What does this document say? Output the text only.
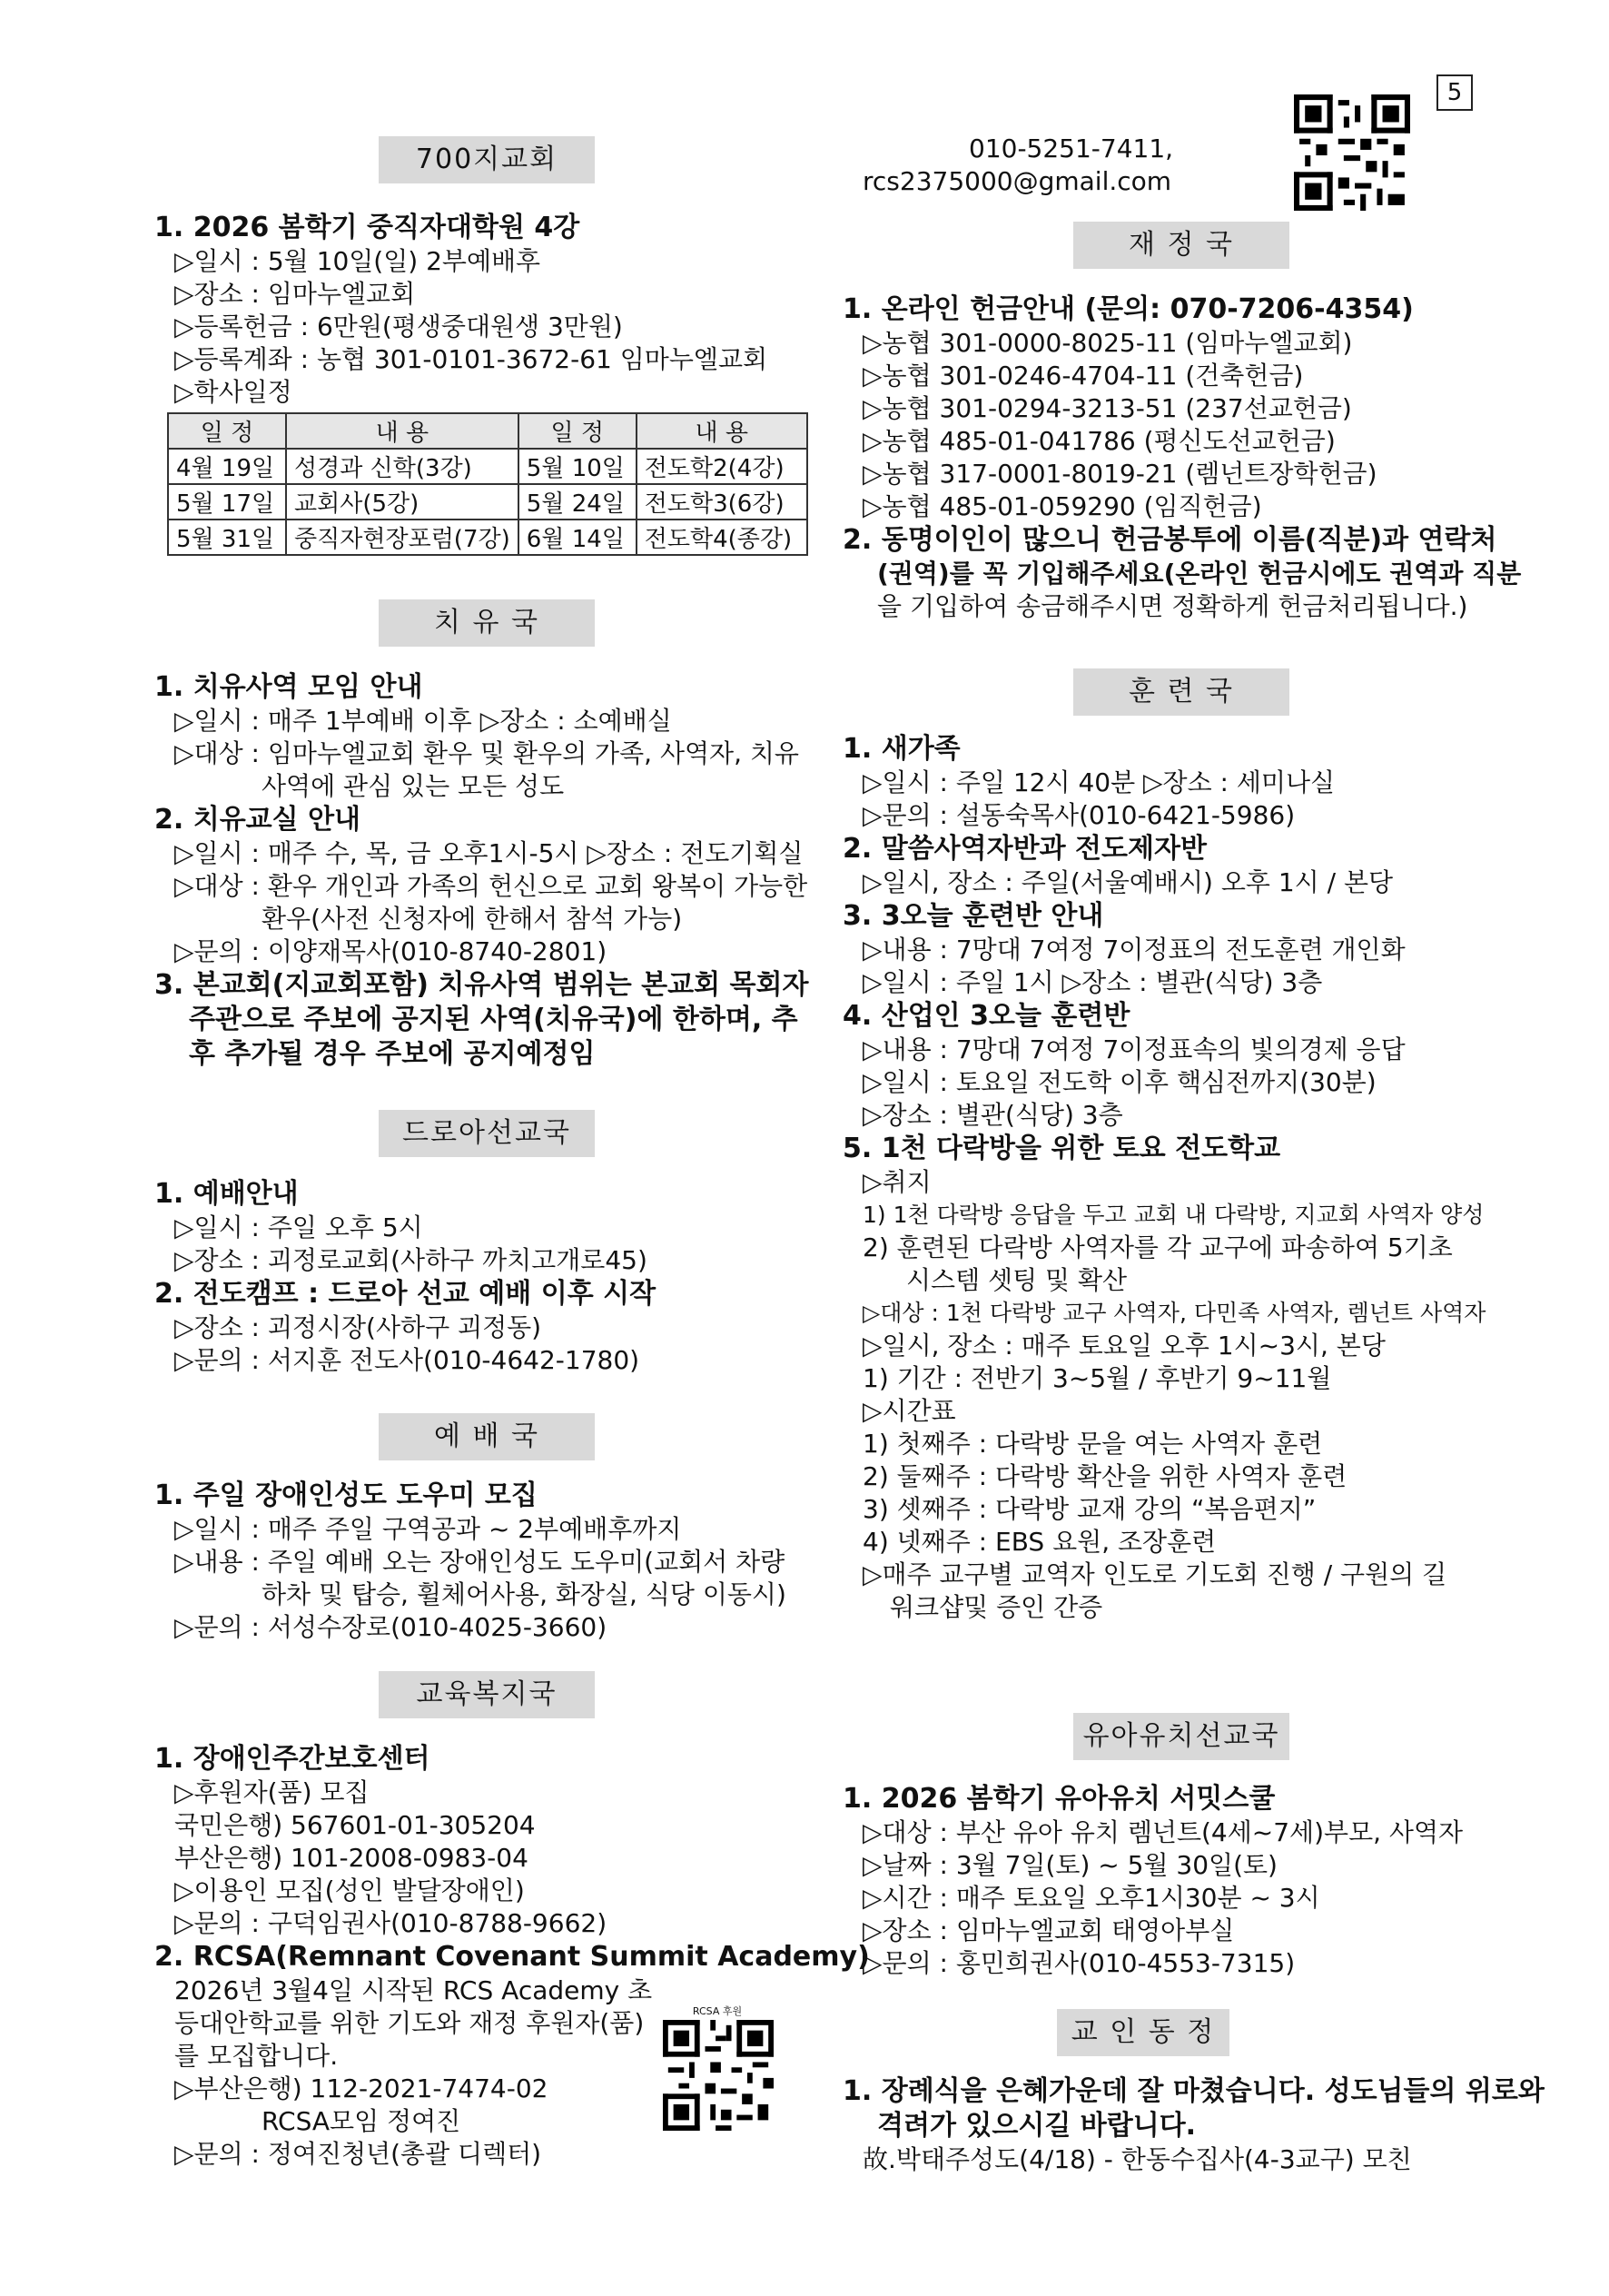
5
010-5251-7411,
rcs2375000@gmail.com
700지교회
1. 2026 봄학기 중직자대학원 4강
▷일시 : 5월 10일(일) 2부예배후
▷장소 : 임마누엘교회
▷등록헌금 : 6만원(평생중대원생 3만원)
▷등록계좌 : 농협 301-0101-3672-61 임마누엘교회
▷학사일정
일 정	내 용	일 정	내 용
4월 19일	성경과 신학(3강)	5월 10일	전도학2(4강)
5월 17일	교회사(5강)	5월 24일	전도학3(6강)
5월 31일	중직자현장포럼(7강)	6월 14일	전도학4(종강)
치 유 국
1. 치유사역 모임 안내
▷일시 : 매주 1부예배 이후 ▷장소 : 소예배실
▷대상 : 임마누엘교회 환우 및 환우의 가족, 사역자, 치유
사역에 관심 있는 모든 성도
2. 치유교실 안내
▷일시 : 매주 수, 목, 금 오후1시-5시 ▷장소 : 전도기획실
▷대상 : 환우 개인과 가족의 헌신으로 교회 왕복이 가능한
환우(사전 신청자에 한해서 참석 가능)
▷문의 : 이양재목사(010-8740-2801)
3. 본교회(지교회포함) 치유사역 범위는 본교회 목회자
주관으로 주보에 공지된 사역(치유국)에 한하며, 추
후 추가될 경우 주보에 공지예정임
드로아선교국
1. 예배안내
▷일시 : 주일 오후 5시
▷장소 : 괴정로교회(사하구 까치고개로45)
2. 전도캠프 : 드로아 선교 예배 이후 시작
▷장소 : 괴정시장(사하구 괴정동)
▷문의 : 서지훈 전도사(010-4642-1780)
예 배 국
1. 주일 장애인성도 도우미 모집
▷일시 : 매주 주일 구역공과 ~ 2부예배후까지
▷내용 : 주일 예배 오는 장애인성도 도우미(교회서 차량
하차 및 탑승, 휠체어사용, 화장실, 식당 이동시)
▷문의 : 서성수장로(010-4025-3660)
교육복지국
1. 장애인주간보호센터
▷후원자(품) 모집
국민은행) 567601-01-305204
부산은행) 101-2008-0983-04
▷이용인 모집(성인 발달장애인)
▷문의 : 구덕임권사(010-8788-9662)
2. RCSA(Remnant Covenant Summit Academy)
2026년 3월4일 시작된 RCS Academy 초
등대안학교를 위한 기도와 재정 후원자(품)
를 모집합니다.
▷부산은행) 112-2021-7474-02
RCSA모임 정여진
▷문의 : 정여진청년(총괄 디렉터)
RCSA 후원
재 정 국
1. 온라인 헌금안내 (문의: 070-7206-4354)
▷농협 301-0000-8025-11 (임마누엘교회)
▷농협 301-0246-4704-11 (건축헌금)
▷농협 301-0294-3213-51 (237선교헌금)
▷농협 485-01-041786 (평신도선교헌금)
▷농협 317-0001-8019-21 (렘넌트장학헌금)
▷농협 485-01-059290 (임직헌금)
2. 동명이인이 많으니 헌금봉투에 이름(직분)과 연락처
(권역)를 꼭 기입해주세요(온라인 헌금시에도 권역과 직분
을 기입하여 송금해주시면 정확하게 헌금처리됩니다.)
훈 련 국
1. 새가족
▷일시 : 주일 12시 40분 ▷장소 : 세미나실
▷문의 : 설동숙목사(010-6421-5986)
2. 말씀사역자반과 전도제자반
▷일시, 장소 : 주일(서울예배시) 오후 1시 / 본당
3. 3오늘 훈련반 안내
▷내용 : 7망대 7여정 7이정표의 전도훈련 개인화
▷일시 : 주일 1시 ▷장소 : 별관(식당) 3층
4. 산업인 3오늘 훈련반
▷내용 : 7망대 7여정 7이정표속의 빛의경제 응답
▷일시 : 토요일 전도학 이후 핵심전까지(30분)
▷장소 : 별관(식당) 3층
5. 1천 다락방을 위한 토요 전도학교
▷취지
1) 1천 다락방 응답을 두고 교회 내 다락방, 지교회 사역자 양성
2) 훈련된 다락방 사역자를 각 교구에 파송하여 5기초
시스템 셋팅 및 확산
▷대상 : 1천 다락방 교구 사역자, 다민족 사역자, 렘넌트 사역자
▷일시, 장소 : 매주 토요일 오후 1시~3시, 본당
1) 기간 : 전반기 3~5월 / 후반기 9~11월
▷시간표
1) 첫째주 : 다락방 문을 여는 사역자 훈련
2) 둘째주 : 다락방 확산을 위한 사역자 훈련
3) 셋째주 : 다락방 교재 강의 “복음편지”
4) 넷째주 : EBS 요원, 조장훈련
▷매주 교구별 교역자 인도로 기도회 진행 / 구원의 길
워크샵및 증인 간증
유아유치선교국
1. 2026 봄학기 유아유치 서밋스쿨
▷대상 : 부산 유아 유치 렘넌트(4세~7세)부모, 사역자
▷날짜 : 3월 7일(토) ~ 5월 30일(토)
▷시간 : 매주 토요일 오후1시30분 ~ 3시
▷장소 : 임마누엘교회 태영아부실
▷문의 : 홍민희권사(010-4553-7315)
교 인 동 정
1. 장례식을 은혜가운데 잘 마쳤습니다. 성도님들의 위로와
격려가 있으시길 바랍니다.
故.박태주성도(4/18) - 한동수집사(4-3교구) 모친
